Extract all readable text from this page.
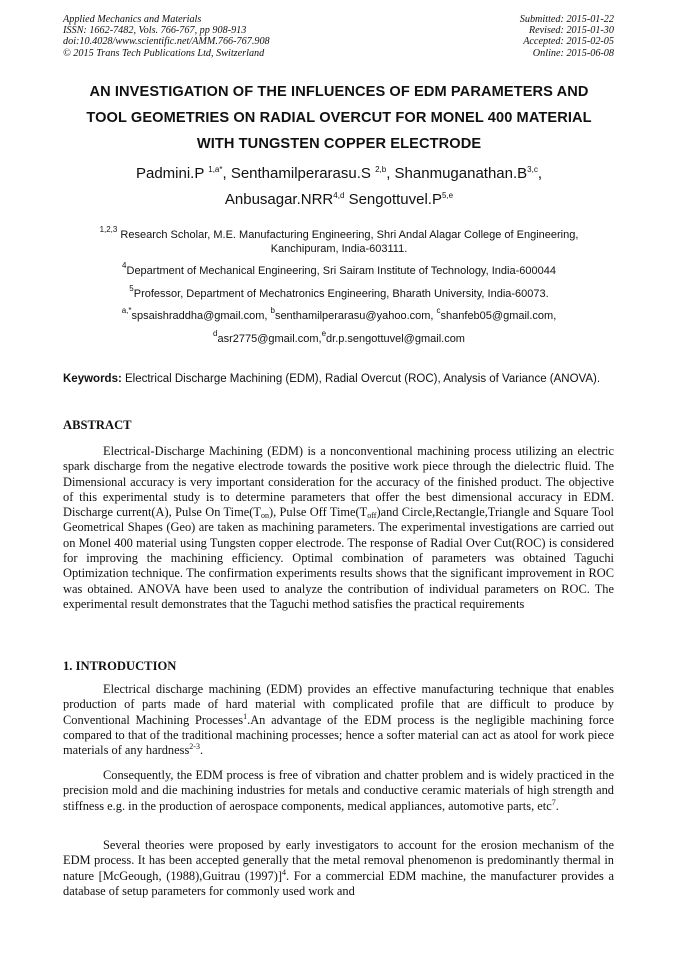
Applied Mechanics and Materials
ISSN: 1662-7482, Vols. 766-767, pp 908-913
doi:10.4028/www.scientific.net/AMM.766-767.908
© 2015 Trans Tech Publications Ltd, Switzerland
Submitted: 2015-01-22
Revised: 2015-01-30
Accepted: 2015-02-05
Online: 2015-06-08
AN INVESTIGATION OF THE INFLUENCES OF EDM PARAMETERS AND
TOOL GEOMETRIES ON RADIAL OVERCUT FOR MONEL 400 MATERIAL
WITH TUNGSTEN COPPER ELECTRODE
Padmini.P $^{1,a*}$, Senthamilperarasu.S $^{2,b}$, $Shanmuganathan.B^{3,c}$,
Anbusagar.NRR$^{4,d}$ $Sengottuvel.P^{5,e}$

$^{1,2,3}$ Research Scholar, M.E. Manufacturing Engineering, Shri Andal Alagar College of Engineering, Kanchipuram, India-603111.

$^4$Department of Mechanical Engineering, Sri Sairam Institute of Technology, India-600044

$^5$Professor, Department of Mechatronics Engineering, Bharath University, India-60073.

$^{a,*}$spsaishraddha@gmail.com, $^b$senthamilperarasu@yahoo.com, $^c$shanfeb05@gmail.com,

$^d$asr2775@gmail.com,$^e$dr.p.sengottuvel@gmail.com

Keywords: Electrical Discharge Machining (EDM), Radial Overcut (ROC), Analysis of Variance (ANOVA).
ABSTRACT

Electrical-Discharge Machining (EDM) is a nonconventional machining process utilizing an electric spark discharge from the negative electrode towards the positive work piece through the dielectric fluid. The Dimensional accuracy is very important consideration for the accuracy of the finished product. The objective of this experimental study is to determine parameters that offer the best dimensional accuracy in EDM. Discharge current(A), Pulse On $Time(T_{on})$, Pulse Off $Time(T_{off})and$ Circle,Rectangle,Triangle and Square Tool Geometrical Shapes (Geo) are taken as machining parameters. The experimental investigations are carried out on Monel 400 material using Tungsten copper electrode. The response of Radial Over Cut(ROC) is considered for improving the machining efficiency. Optimal combination of parameters was obtained Taguchi Optimization technique. The confirmation experiments results shows that the significant improvement in ROC was obtained. ANOVA have been used to analyze the contribution of individual parameters on ROC. The experimental result demonstrates that the Taguchi method satisfies the practical requirements

1. INTRODUCTION

Electrical discharge machining (EDM) provides an effective manufacturing technique that enables production of parts made of hard material with complicated profile that are difficult to produce by Conventional Machining Processes$^1$.An advantage of the EDM process is the negligible machining force compared to that of the traditional machining processes; hence a softer material can act as atool for work piece materials of any hardness$^{2-3}$.

Consequently, the EDM process is free of vibration and chatter problem and is widely practiced in the precision mold and die machining industries for metals and conductive ceramic materials of high strength and stiffness e.g. in the production of aerospace components, medical appliances, automotive parts, etc$^7$.

Several theories were proposed by early investigators to account for the erosion mechanism of the EDM process. It has been accepted generally that the metal removal phenomenon is predominantly thermal in nature [McGeough, (1988),Guitrau (1997)]$^4$. For a commercial EDM machine, the manufacturer provides a database of setup parameters for commonly used work and
